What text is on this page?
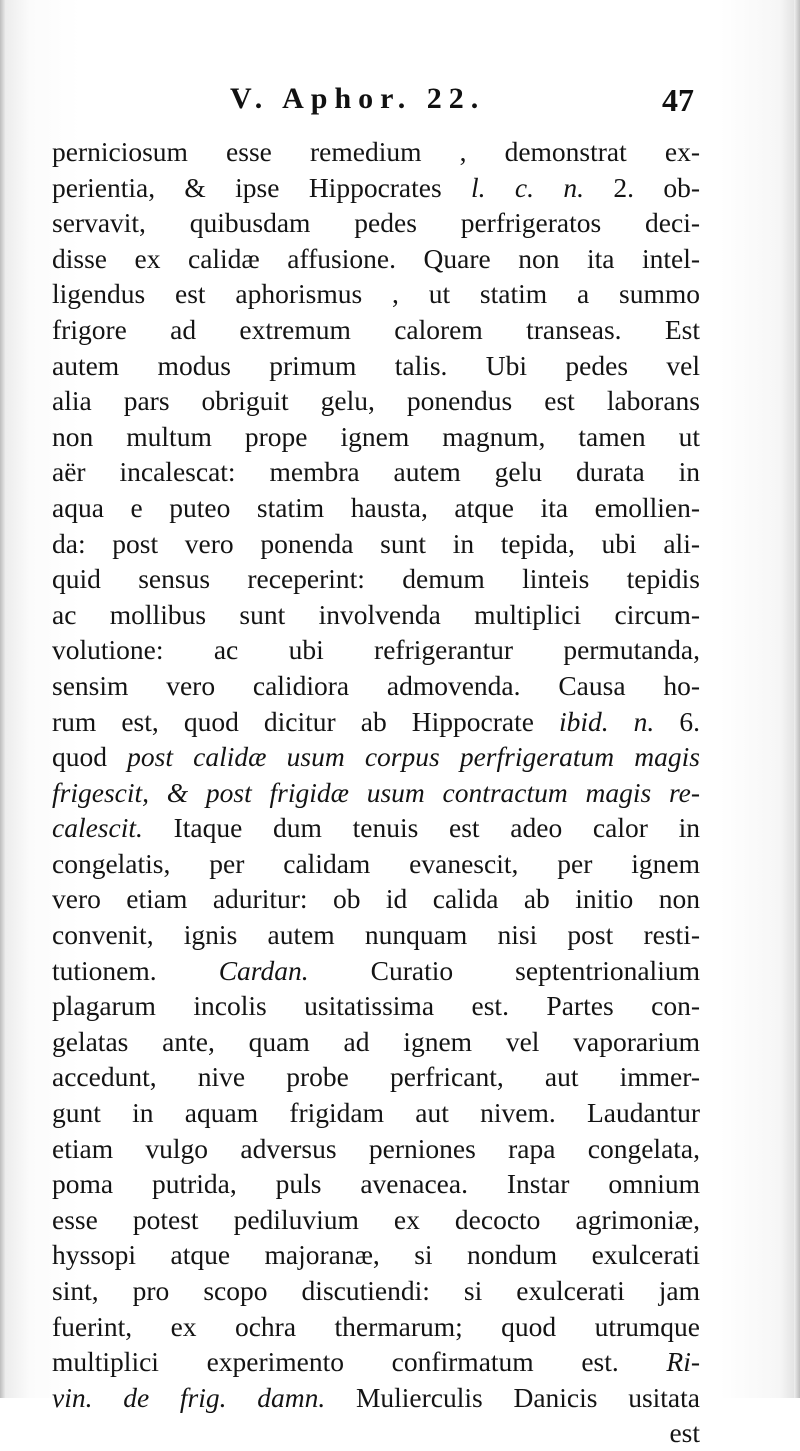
V. Aphor. 22.	47
perniciosum esse remedium , demonstrat ex-
perientia, & ipse Hippocrates l. c. n. 2. ob-
servavit, quibusdam pedes perfrigeratos deci-
disse ex calidæ affusione. Quare non ita intel-
ligendus est aphorismus , ut statim a summo
frigore ad extremum calorem transeas. Est
autem modus primum talis. Ubi pedes vel
alia pars obriguit gelu, ponendus est laborans
non multum prope ignem magnum, tamen ut
aër incalescat: membra autem gelu durata in
aqua e puteo statim hausta, atque ita emollien-
da: post vero ponenda sunt in tepida, ubi ali-
quid sensus receperint: demum linteis tepidis
ac mollibus sunt involvenda multiplici circum-
volutione: ac ubi refrigerantur permutanda,
sensim vero calidiora admovenda. Causa ho-
rum est, quod dicitur ab Hippocrate ibid. n. 6.
quod post calidæ usum corpus perfrigeratum magis
frigescit, & post frigidæ usum contractum magis re-
calescit. Itaque dum tenuis est adeo calor in
congelatis, per calidam evanescit, per ignem
vero etiam aduritur: ob id calida ab initio non
convenit, ignis autem nunquam nisi post resti-
tutionem. Cardan. Curatio septentrionalium
plagarum incolis usitatissima est. Partes con-
gelatas ante, quam ad ignem vel vaporarium
accedunt, nive probe perfricant, aut immer-
gunt in aquam frigidam aut nivem. Laudantur
etiam vulgo adversus perniones rapa congelata,
poma putrida, puls avenacea. Instar omnium
esse potest pediluvium ex decocto agrimoniæ,
hyssopi atque majoranæ, si nondum exulcerati
sint, pro scopo discutiendi: si exulcerati jam
fuerint, ex ochra thermarum; quod utrumque
multiplici experimento confirmatum est. Ri-
vin. de frig. damn. Mulierculis Danicis usitata
est
